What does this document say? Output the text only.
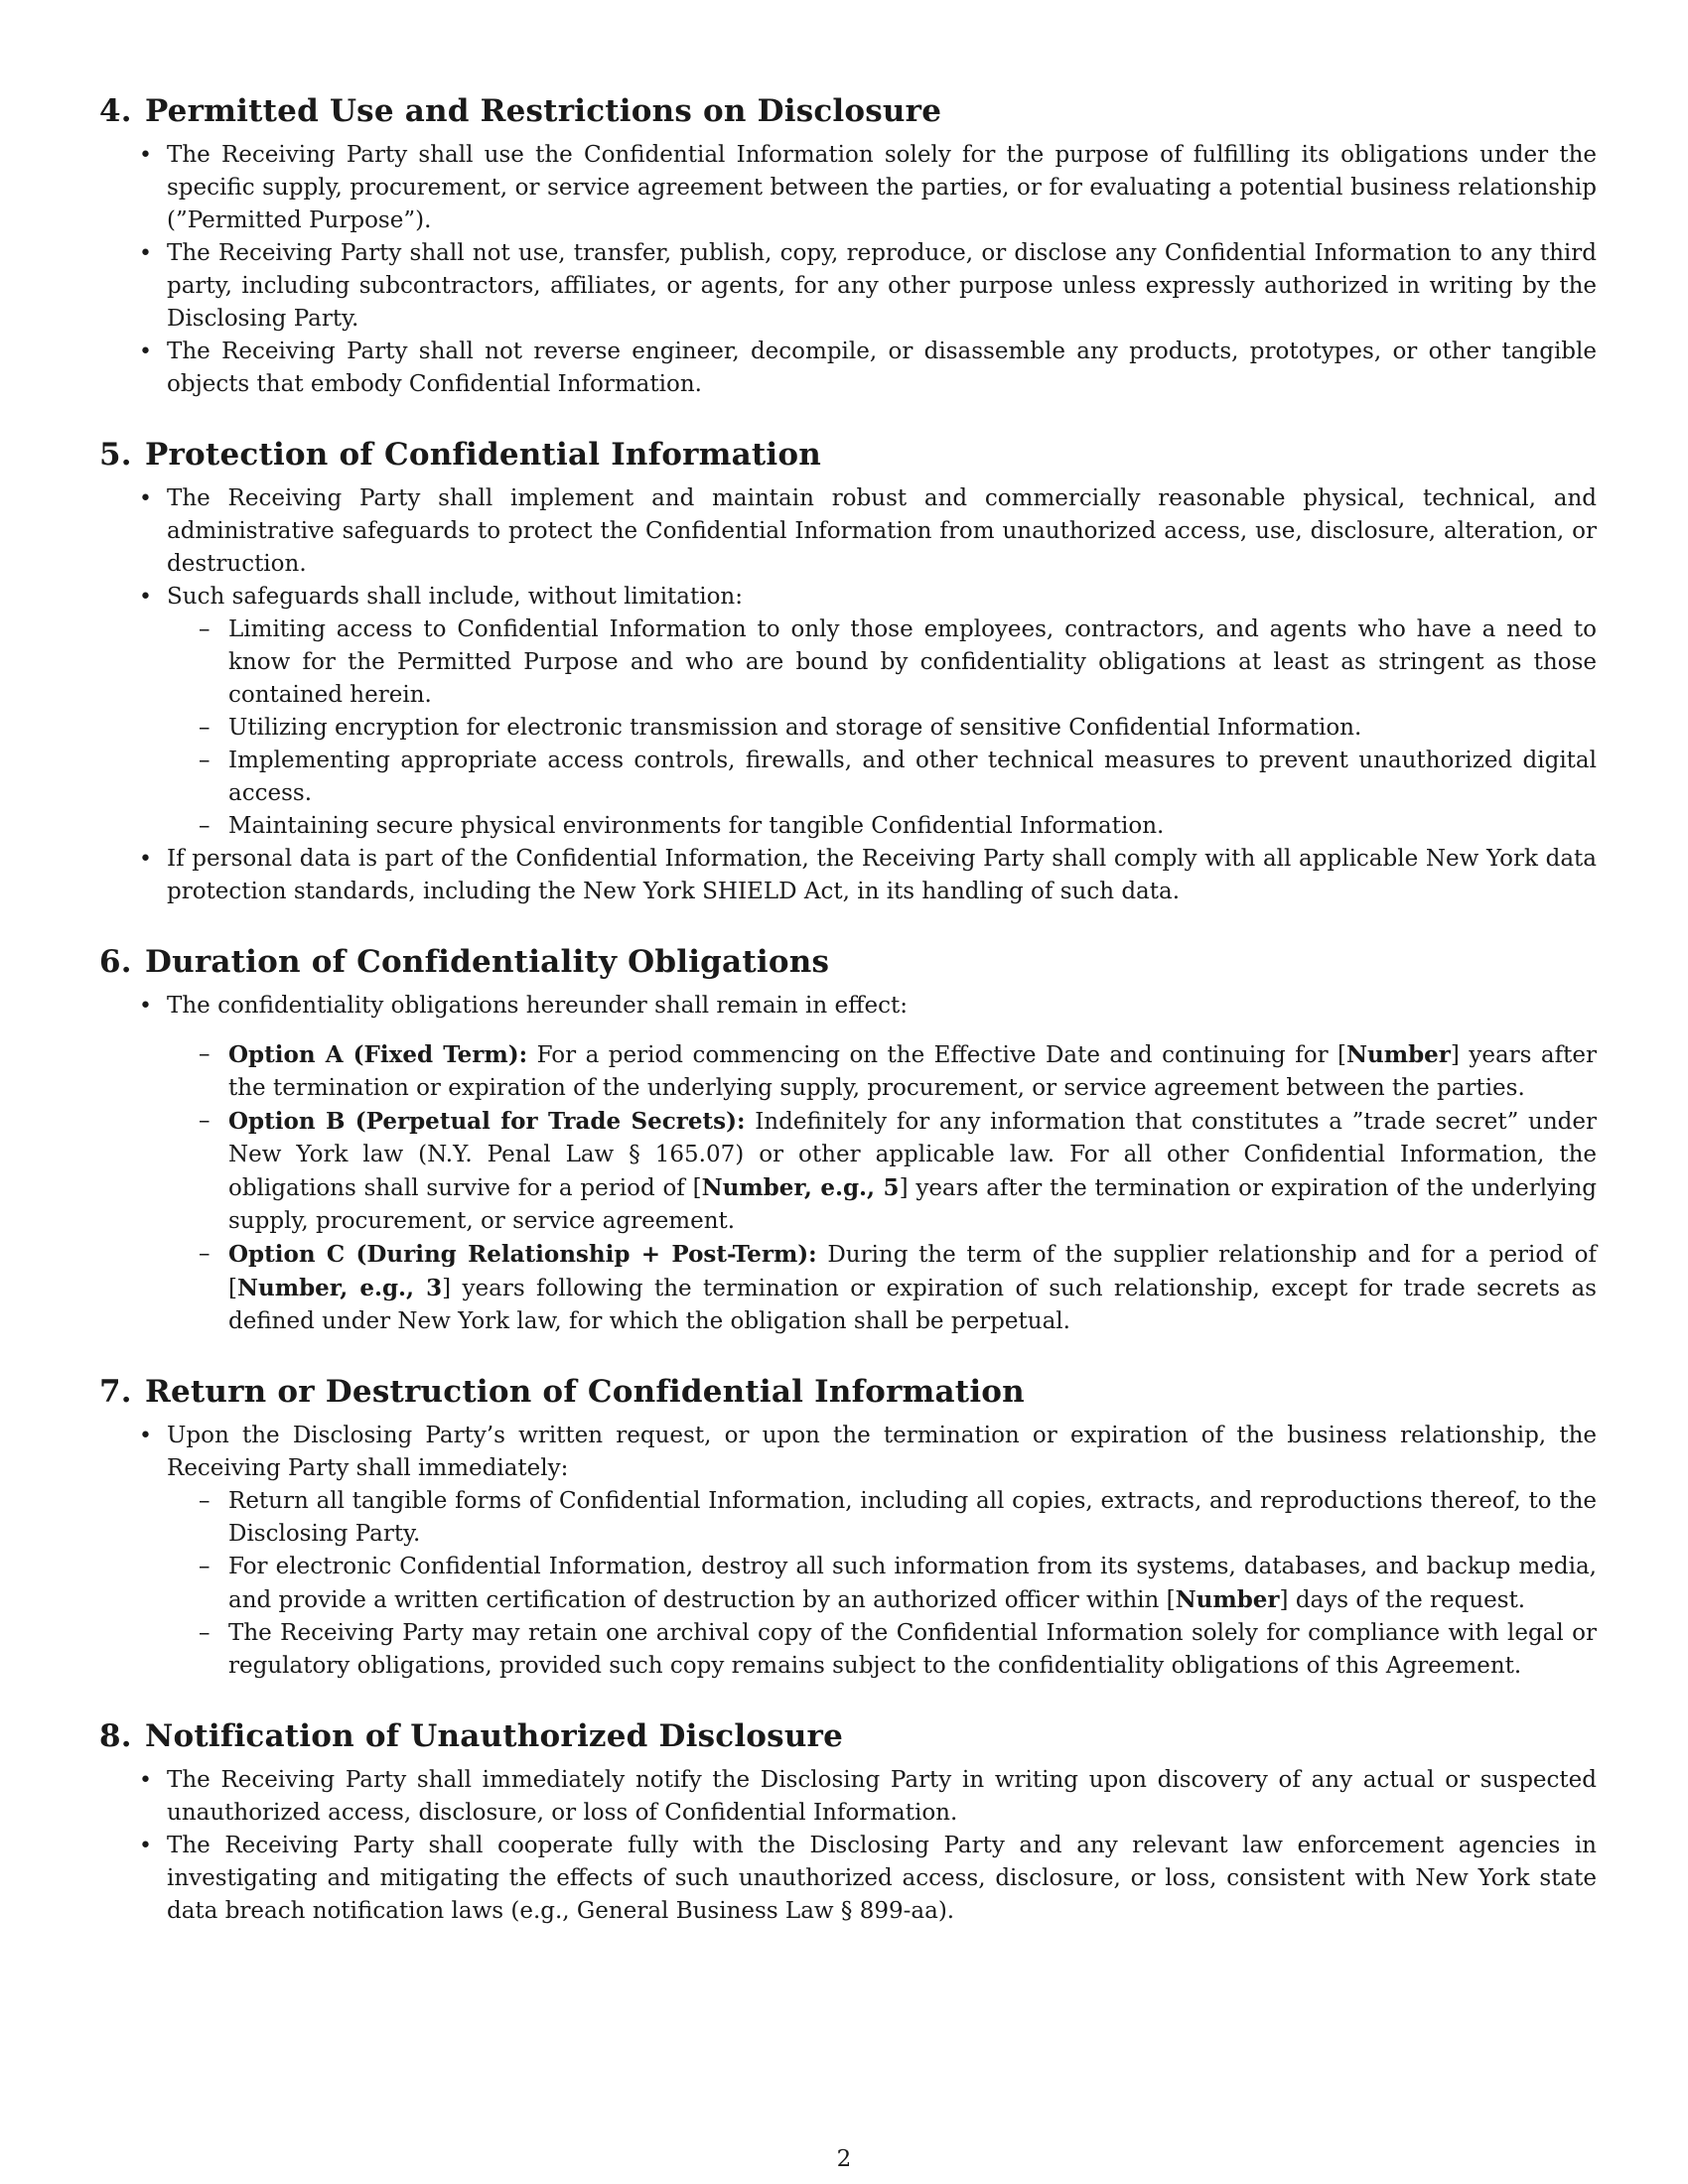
4. Permitted Use and Restrictions on Disclosure
• The Receiving Party shall use the Confidential Information solely for the purpose of fulfilling its obligations under the specific supply, procurement, or service agreement between the parties, or for evaluating a potential business relationship (”Permitted Purpose”).
• The Receiving Party shall not use, transfer, publish, copy, reproduce, or disclose any Confidential Information to any third party, including subcontractors, affiliates, or agents, for any other purpose unless expressly authorized in writing by the Disclosing Party.
• The Receiving Party shall not reverse engineer, decompile, or disassemble any products, prototypes, or other tangible objects that embody Confidential Information.
5. Protection of Confidential Information
• The Receiving Party shall implement and maintain robust and commercially reasonable physical, technical, and administrative safeguards to protect the Confidential Information from unauthorized access, use, disclosure, alteration, or destruction.
• Such safeguards shall include, without limitation:
– Limiting access to Confidential Information to only those employees, contractors, and agents who have a need to know for the Permitted Purpose and who are bound by confidentiality obligations at least as stringent as those contained herein.
– Utilizing encryption for electronic transmission and storage of sensitive Confidential Information.
– Implementing appropriate access controls, firewalls, and other technical measures to prevent unauthorized digital access.
– Maintaining secure physical environments for tangible Confidential Information.
• If personal data is part of the Confidential Information, the Receiving Party shall comply with all applicable New York data protection standards, including the New York SHIELD Act, in its handling of such data.
6. Duration of Confidentiality Obligations
• The confidentiality obligations hereunder shall remain in effect:
– Option A (Fixed Term): For a period commencing on the Effective Date and continuing for [Number] years after the termination or expiration of the underlying supply, procurement, or service agreement between the parties.
– Option B (Perpetual for Trade Secrets): Indefinitely for any information that constitutes a ”trade secret” under New York law (N.Y. Penal Law § 165.07) or other applicable law. For all other Confidential Information, the obligations shall survive for a period of [Number, e.g., 5] years after the termination or expiration of the underlying supply, procurement, or service agreement.
– Option C (During Relationship + Post-Term): During the term of the supplier relationship and for a period of [Number, e.g., 3] years following the termination or expiration of such relationship, except for trade secrets as defined under New York law, for which the obligation shall be perpetual.
7. Return or Destruction of Confidential Information
• Upon the Disclosing Party’s written request, or upon the termination or expiration of the business relationship, the Receiving Party shall immediately:
– Return all tangible forms of Confidential Information, including all copies, extracts, and reproductions thereof, to the Disclosing Party.
– For electronic Confidential Information, destroy all such information from its systems, databases, and backup media, and provide a written certification of destruction by an authorized officer within [Number] days of the request.
– The Receiving Party may retain one archival copy of the Confidential Information solely for compliance with legal or regulatory obligations, provided such copy remains subject to the confidentiality obligations of this Agreement.
8. Notification of Unauthorized Disclosure
• The Receiving Party shall immediately notify the Disclosing Party in writing upon discovery of any actual or suspected unauthorized access, disclosure, or loss of Confidential Information.
• The Receiving Party shall cooperate fully with the Disclosing Party and any relevant law enforcement agencies in investigating and mitigating the effects of such unauthorized access, disclosure, or loss, consistent with New York state data breach notification laws (e.g., General Business Law § 899-aa).
2
